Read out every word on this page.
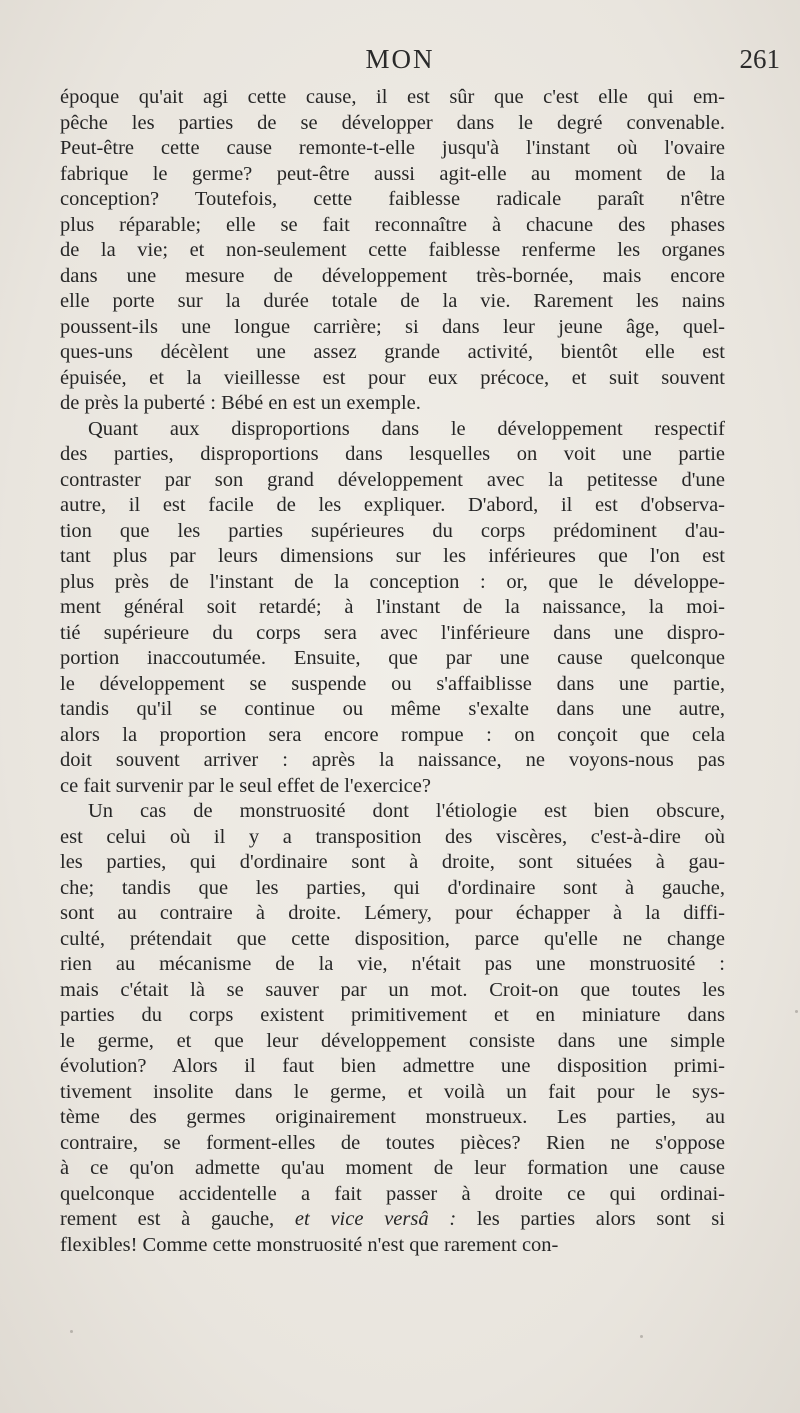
MON	261
époque qu'ait agi cette cause, il est sûr que c'est elle qui em-
pêche les parties de se développer dans le degré convenable.
Peut-être cette cause remonte-t-elle jusqu'à l'instant où l'ovaire
fabrique le germe? peut-être aussi agit-elle au moment de la
conception? Toutefois, cette faiblesse radicale paraît n'être
plus réparable; elle se fait reconnaître à chacune des phases
de la vie; et non-seulement cette faiblesse renferme les organes
dans une mesure de développement très-bornée, mais encore
elle porte sur la durée totale de la vie. Rarement les nains
poussent-ils une longue carrière; si dans leur jeune âge, quel-
ques-uns décèlent une assez grande activité, bientôt elle est
épuisée, et la vieillesse est pour eux précoce, et suit souvent
de près la puberté : Bébé en est un exemple.
Quant aux disproportions dans le développement respectif
des parties, disproportions dans lesquelles on voit une partie
contraster par son grand développement avec la petitesse d'une
autre, il est facile de les expliquer. D'abord, il est d'observa-
tion que les parties supérieures du corps prédominent d'au-
tant plus par leurs dimensions sur les inférieures que l'on est
plus près de l'instant de la conception : or, que le développe-
ment général soit retardé; à l'instant de la naissance, la moi-
tié supérieure du corps sera avec l'inférieure dans une dispro-
portion inaccoutumée. Ensuite, que par une cause quelconque
le développement se suspende ou s'affaiblisse dans une partie,
tandis qu'il se continue ou même s'exalte dans une autre,
alors la proportion sera encore rompue : on conçoit que cela
doit souvent arriver : après la naissance, ne voyons-nous pas
ce fait survenir par le seul effet de l'exercice?
Un cas de monstruosité dont l'étiologie est bien obscure,
est celui où il y a transposition des viscères, c'est-à-dire où
les parties, qui d'ordinaire sont à droite, sont situées à gau-
che; tandis que les parties, qui d'ordinaire sont à gauche,
sont au contraire à droite. Lémery, pour échapper à la diffi-
culté, prétendait que cette disposition, parce qu'elle ne change
rien au mécanisme de la vie, n'était pas une monstruosité :
mais c'était là se sauver par un mot. Croit-on que toutes les
parties du corps existent primitivement et en miniature dans
le germe, et que leur développement consiste dans une simple
évolution? Alors il faut bien admettre une disposition primi-
tivement insolite dans le germe, et voilà un fait pour le sys-
tème des germes originairement monstrueux. Les parties, au
contraire, se forment-elles de toutes pièces? Rien ne s'oppose
à ce qu'on admette qu'au moment de leur formation une cause
quelconque accidentelle a fait passer à droite ce qui ordinai-
rement est à gauche, et vice versâ : les parties alors sont si
flexibles! Comme cette monstruosité n'est que rarement con-
